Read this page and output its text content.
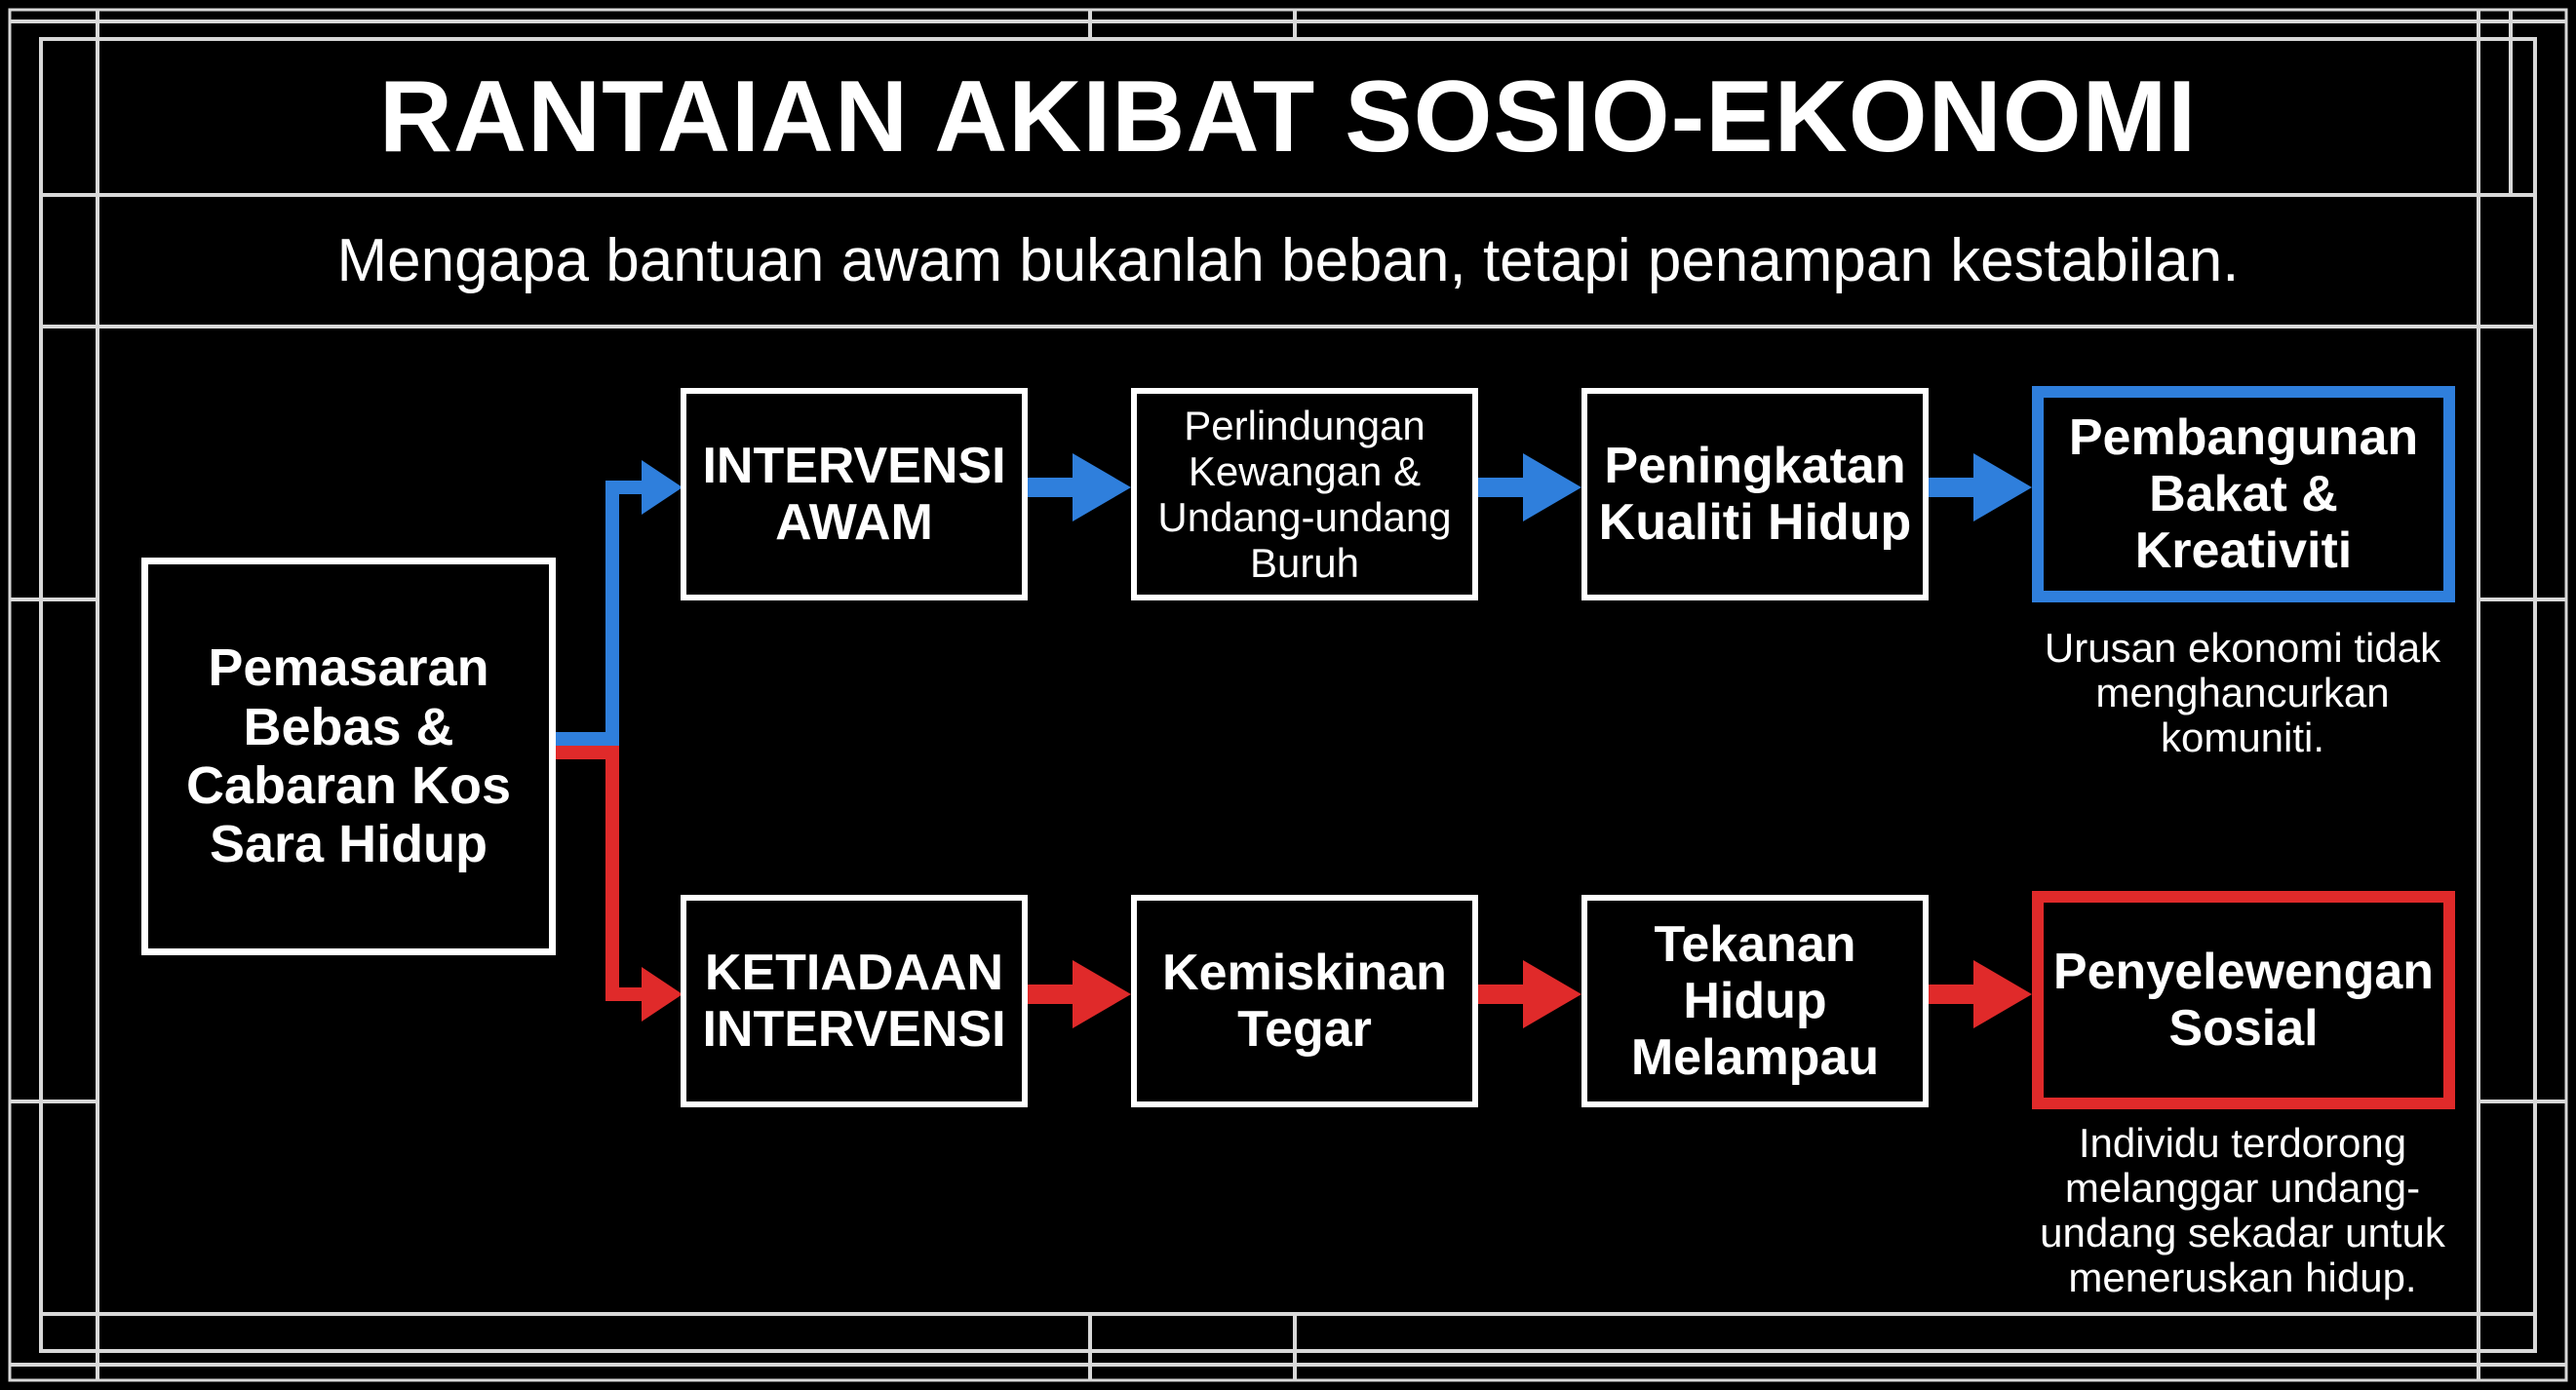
RANTAIAN AKIBAT SOSIO-EKONOMI
Mengapa bantuan awam bukanlah beban, tetapi penampan kestabilan.
Pemasaran Bebas & Cabaran Kos Sara Hidup
INTERVENSI AWAM
Perlindungan Kewangan & Undang-undang Buruh
Peningkatan Kualiti Hidup
Pembangunan Bakat & Kreativiti
Urusan ekonomi tidak menghancurkan komuniti.
KETIADAAN INTERVENSI
Kemiskinan Tegar
Tekanan Hidup Melampau
Penyelewengan Sosial
Individu terdorong melanggar undang-undang sekadar untuk meneruskan hidup.
